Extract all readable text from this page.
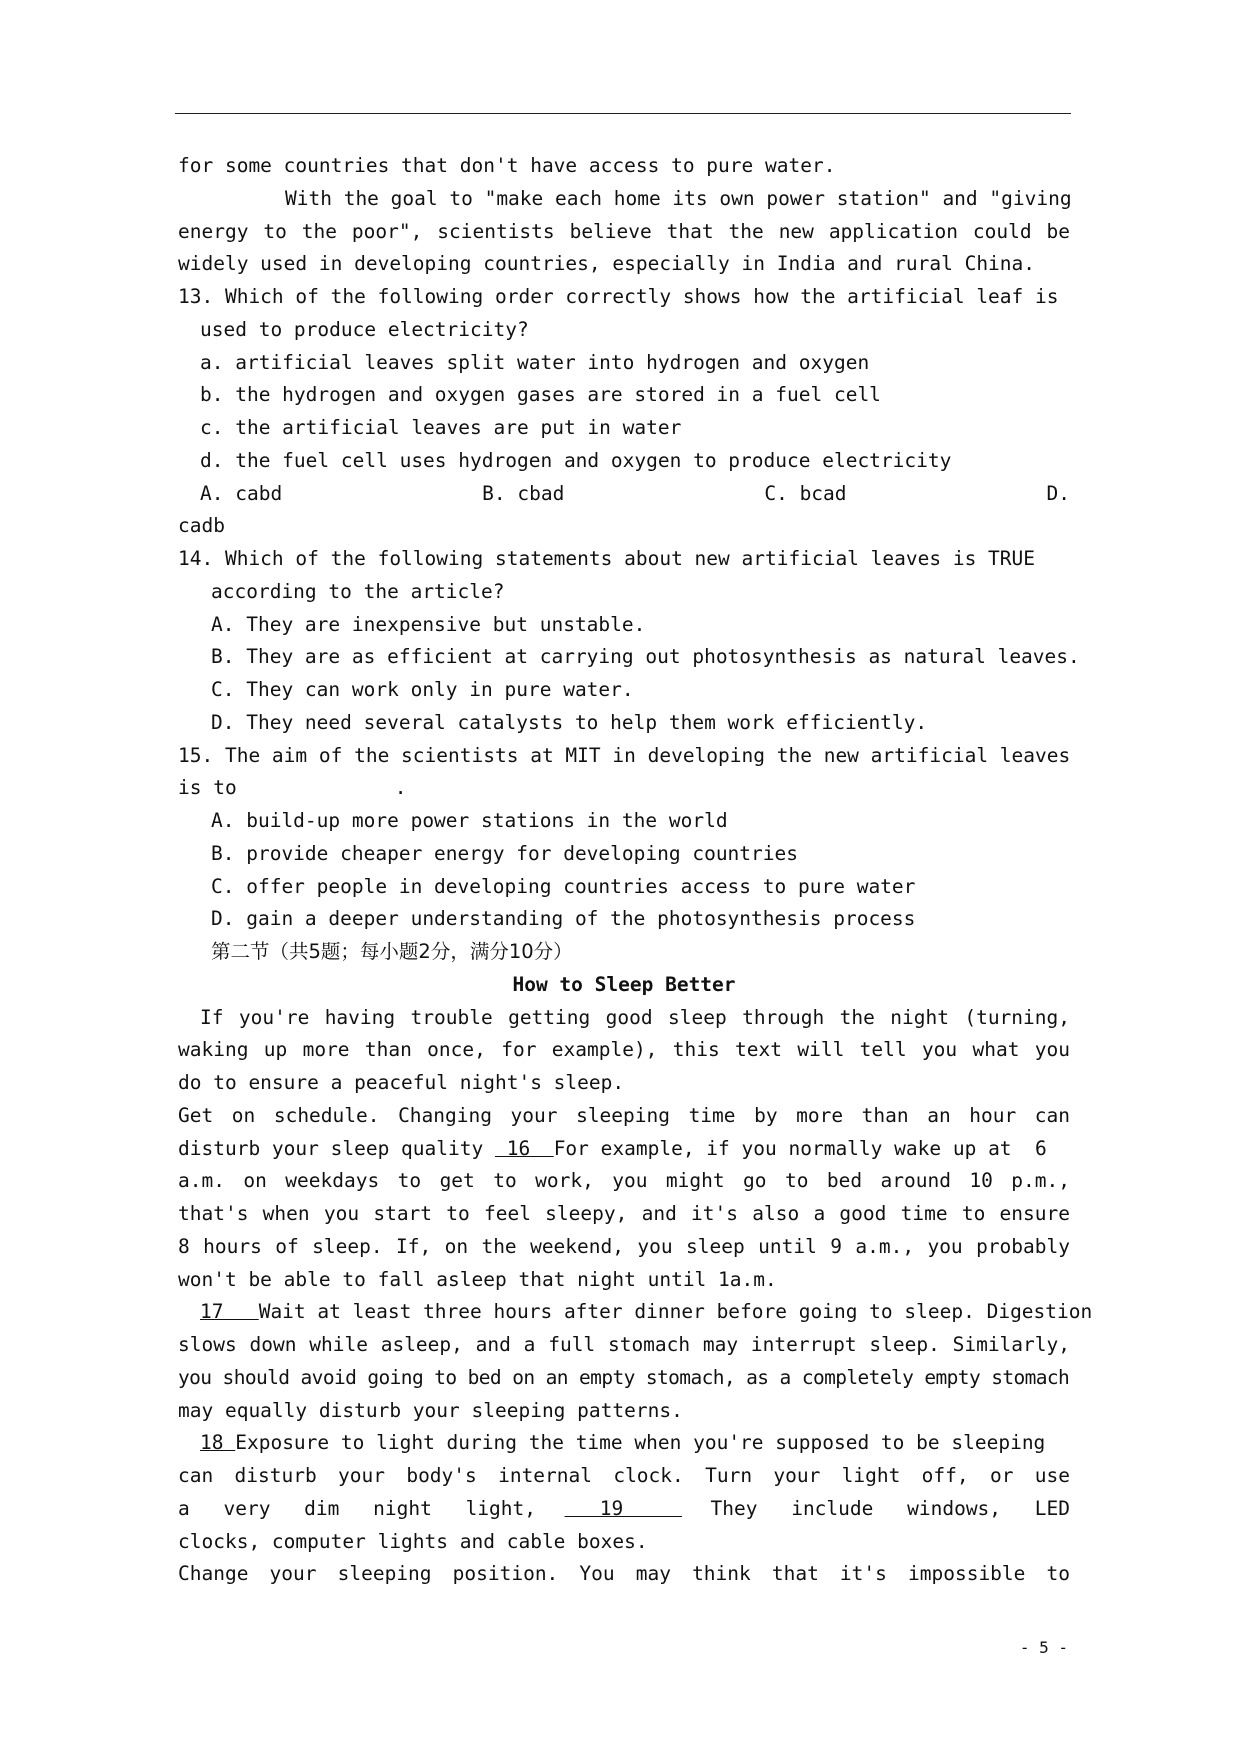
for some countries that don't have access to pure water.
With the goal to "make each home its own power station" and "giving
energy to the poor", scientists believe that the new application could be
widely used in developing countries, especially in India and rural China.
13. Which of the following order correctly shows how the artificial leaf is
used to produce electricity?
a. artificial leaves split water into hydrogen and oxygen
b. the hydrogen and oxygen gases are stored in a fuel cell
c. the artificial leaves are put in water
d. the fuel cell uses hydrogen and oxygen to produce electricity
A. cabd	B. cbad	C. bcad	D.
cadb
14. Which of the following statements about new artificial leaves is TRUE
according to the article?
A. They are inexpensive but unstable.
B. They are as efficient at carrying out photosynthesis as natural leaves.
C. They can work only in pure water.
D. They need several catalysts to help them work efficiently.
15. The aim of the scientists at MIT in developing the new artificial leaves
is to	.
A. build-up more power stations in the world
B. provide cheaper energy for developing countries
C. offer people in developing countries access to pure water
D. gain a deeper understanding of the photosynthesis process
第二节（共5题；每小题2分，满分10分）
How to Sleep Better
If you're having trouble getting good sleep through the night (turning,
waking up more than once, for example), this text will tell you what you
do to ensure a peaceful night's sleep.
Get on schedule. Changing your sleeping time by more than an hour can
disturb your sleep quality  16  For example, if you normally wake up at  6
a.m. on weekdays to get to work, you might go to bed around 10 p.m.,
that's when you start to feel sleepy, and it's also a good time to ensure
8 hours of sleep. If, on the weekend, you sleep until 9 a.m., you probably
won't be able to fall asleep that night until 1a.m.
17   Wait at least three hours after dinner before going to sleep. Digestion
slows down while asleep, and a full stomach may interrupt sleep. Similarly,
you should avoid going to bed on an empty stomach, as a completely empty stomach
may equally disturb your sleeping patterns.
18 Exposure to light during the time when you're supposed to be sleeping
can disturb your body's internal clock. Turn your light off, or use
a very dim night light, 19 They include windows, LED
clocks, computer lights and cable boxes.
Change your sleeping position. You may think that it's impossible to
- 5 -
